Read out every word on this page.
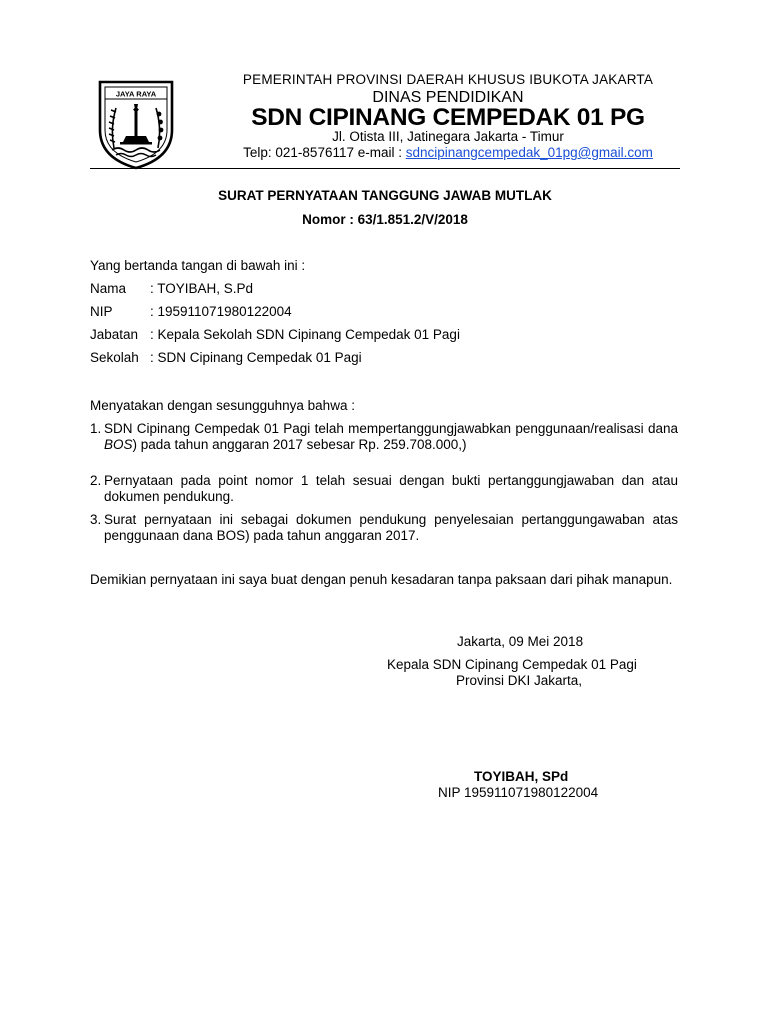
JAYA RAYA
PEMERINTAH PROVINSI DAERAH KHUSUS IBUKOTA JAKARTA
DINAS PENDIDIKAN
SDN CIPINANG CEMPEDAK 01 PG
Jl. Otista III, Jatinegara Jakarta - Timur
Telp: 021-8576117 e-mail : sdncipinangcempedak_01pg@gmail.com
SURAT PERNYATAAN TANGGUNG JAWAB MUTLAK
Nomor : 63/1.851.2/V/2018
Yang bertanda tangan di bawah ini :
Nama : TOYIBAH, S.Pd
NIP	: 195911071980122004
Jabatan : Kepala Sekolah SDN Cipinang Cempedak 01 Pagi
Sekolah : SDN Cipinang Cempedak 01 Pagi
Menyatakan dengan sesungguhnya bahwa :
1. SDN Cipinang Cempedak 01 Pagi telah mempertanggungjawabkan penggunaan/realisasi dana BOS) pada tahun anggaran 2017 sebesar Rp. 259.708.000,)
2. Pernyataan pada point nomor 1 telah sesuai dengan bukti pertanggungjawaban dan atau dokumen pendukung.
3. Surat pernyataan ini sebagai dokumen pendukung penyelesaian pertanggungawaban atas penggunaan dana BOS) pada tahun anggaran 2017.
Demikian pernyataan ini saya buat dengan penuh kesadaran tanpa paksaan dari pihak manapun.
Jakarta, 09 Mei 2018
Kepala SDN Cipinang Cempedak 01 Pagi
Provinsi DKI Jakarta,
TOYIBAH, SPd
NIP 195911071980122004
